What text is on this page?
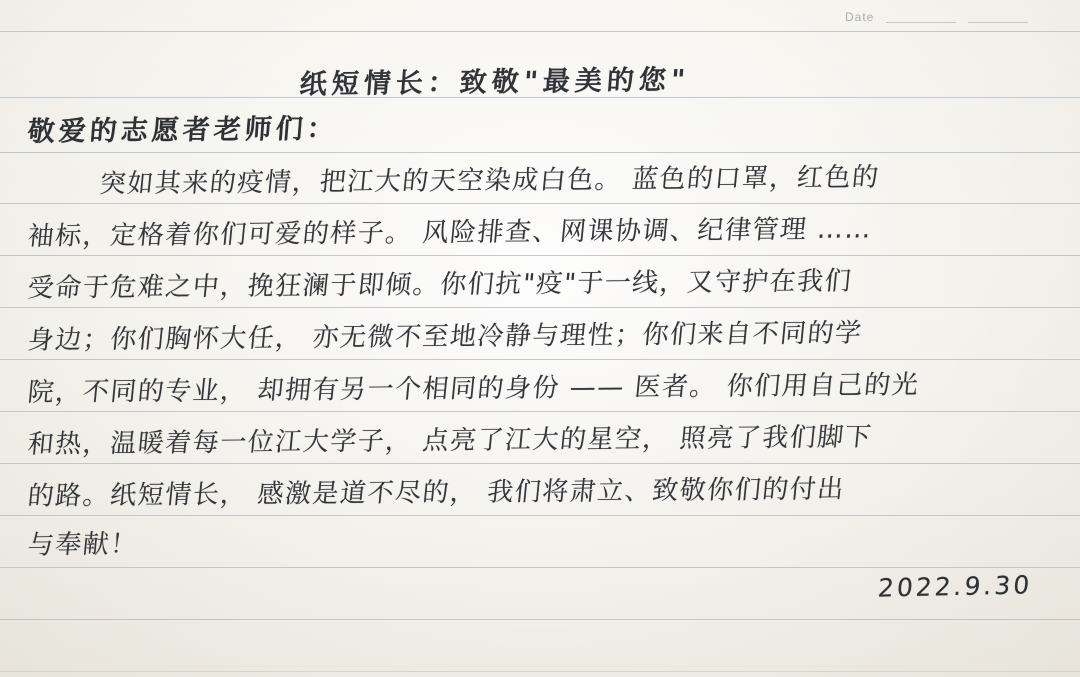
Date
纸短情长：致敬"最美的您"
敬爱的志愿者老师们：
突如其来的疫情，把江大的天空染成白色。 蓝色的口罩，红色的
袖标，定格着你们可爱的样子。 风险排查、网课协调、纪律管理 ……
受命于危难之中，挽狂澜于即倾。你们抗"疫"于一线，又守护在我们
身边；你们胸怀大任， 亦无微不至地冷静与理性；你们来自不同的学
院，不同的专业， 却拥有另一个相同的身份 —— 医者。 你们用自己的光
和热，温暖着每一位江大学子， 点亮了江大的星空， 照亮了我们脚下
的路。纸短情长， 感激是道不尽的， 我们将肃立、致敬你们的付出
与奉献！
2022.9.30
